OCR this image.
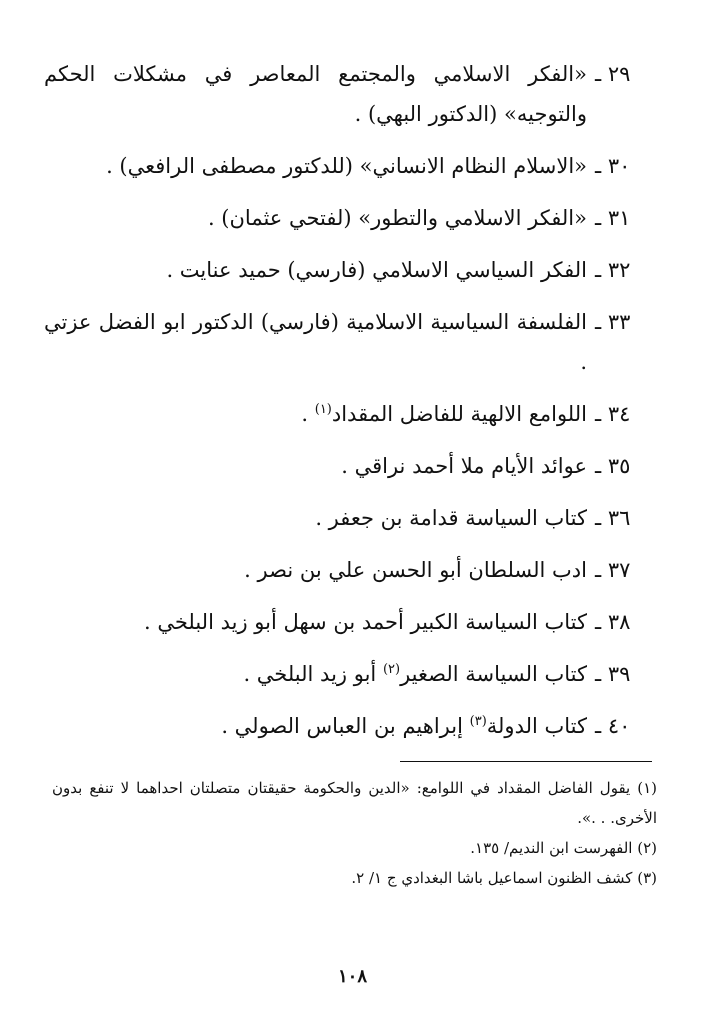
٢٩ ـ
«الفكر الاسلامي والمجتمع المعاصر في مشكلات الحكم والتوجيه» (الدكتور البهي) .
٣٠ ـ
«الاسلام النظام الانساني» (للدكتور مصطفى الرافعي) .
٣١ ـ
«الفكر الاسلامي والتطور» (لفتحي عثمان) .
٣٢ ـ
الفكر السياسي الاسلامي (فارسي) حميد عنايت .
٣٣ ـ
الفلسفة السياسية الاسلامية (فارسي) الدكتور ابو الفضل عزتي .
٣٤ ـ
اللوامع الالهية للفاضل المقداد$^{(١)}$ .
٣٥ ـ
عوائد الأيام ملا أحمد نراقي .
٣٦ ـ
كتاب السياسة قدامة بن جعفر .
٣٧ ـ
ادب السلطان أبو الحسن علي بن نصر .
٣٨ ـ
كتاب السياسة الكبير أحمد بن سهل أبو زيد البلخي .
٣٩ ـ
كتاب السياسة الصغير$^{(٢)}$ أبو زيد البلخي .
٤٠ ـ
كتاب الدولة$^{(٣)}$ إبراهيم بن العباس الصولي .
(١) يقول الفاضل المقداد في اللوامع: «الدين والحكومة حقيقتان متصلتان احداهما لا تنفع بدون الأخرى. . .».
(٢) الفهرست ابن النديم/ ١٣٥.
(٣) كشف الظنون اسماعيل باشا البغدادي ج ١/ ٢.
١٠٨
